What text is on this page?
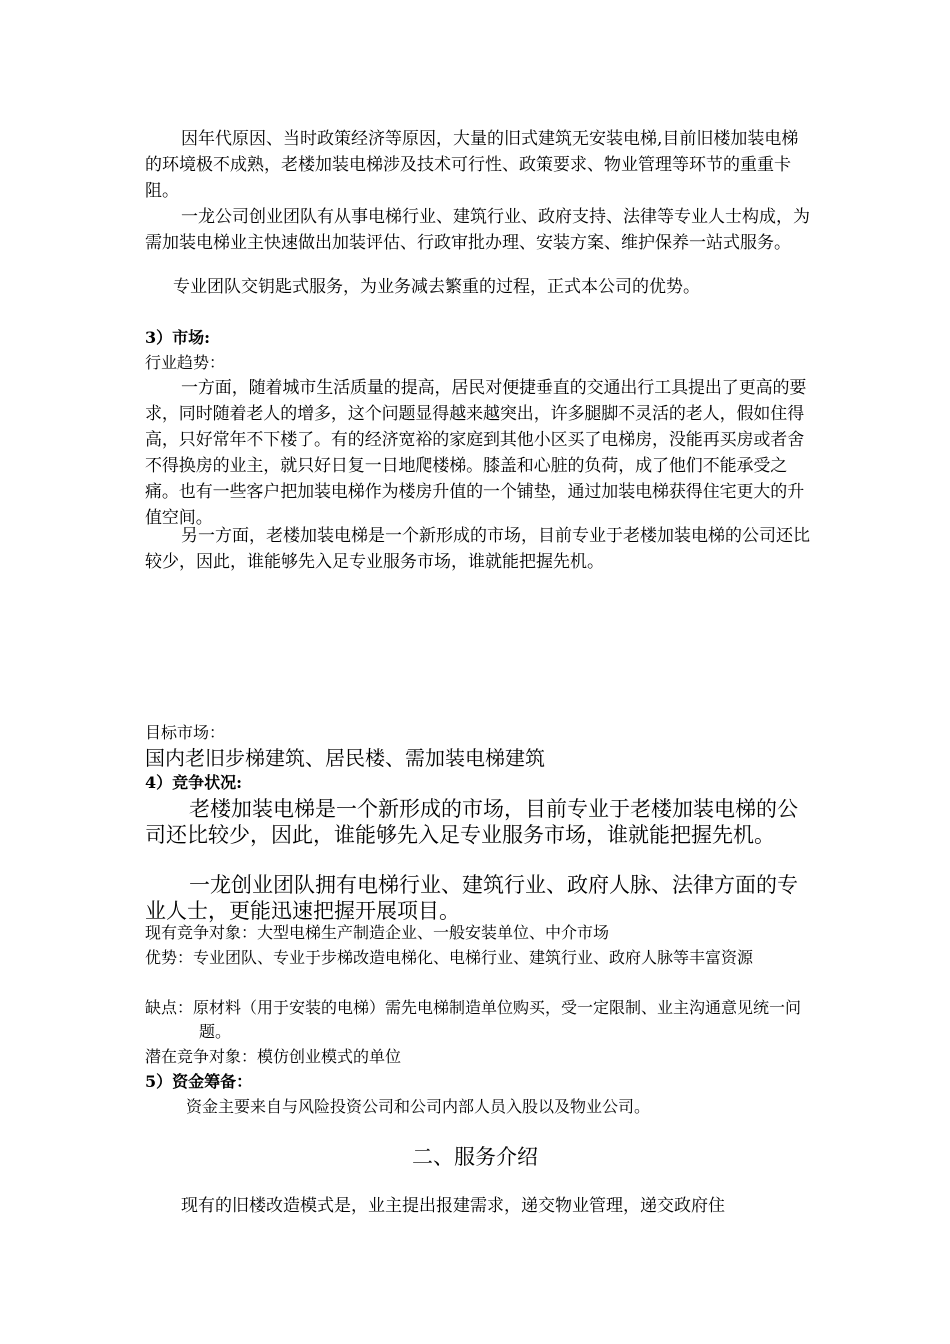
因年代原因、当时政策经济等原因，大量的旧式建筑无安装电梯,目前旧楼加装电梯的环境极不成熟，老楼加装电梯涉及技术可行性、政策要求、物业管理等环节的重重卡阻。

一龙公司创业团队有从事电梯行业、建筑行业、政府支持、法律等专业人士构成，为需加装电梯业主快速做出加装评估、行政审批办理、安装方案、维护保养一站式服务。

专业团队交钥匙式服务，为业务减去繁重的过程，正式本公司的优势。

3）市场:

行业趋势：

一方面，随着城市生活质量的提高，居民对便捷垂直的交通出行工具提出了更高的要求，同时随着老人的增多，这个问题显得越来越突出，许多腿脚不灵活的老人，假如住得高，只好常年不下楼了。有的经济宽裕的家庭到其他小区买了电梯房，没能再买房或者舍不得换房的业主，就只好日复一日地爬楼梯。膝盖和心脏的负荷，成了他们不能承受之痛。也有一些客户把加装电梯作为楼房升值的一个铺垫，通过加装电梯获得住宅更大的升值空间。

另一方面，老楼加装电梯是一个新形成的市场，目前专业于老楼加装电梯的公司还比较少，因此，谁能够先入足专业服务市场，谁就能把握先机。

目标市场：

国内老旧步梯建筑、居民楼、需加装电梯建筑

4）竞争状况:

老楼加装电梯是一个新形成的市场，目前专业于老楼加装电梯的公司还比较少，因此，谁能够先入足专业服务市场，谁就能把握先机。

一龙创业团队拥有电梯行业、建筑行业、政府人脉、法律方面的专业人士，更能迅速把握开展项目。

现有竞争对象：大型电梯生产制造企业、一般安装单位、中介市场

优势：专业团队、专业于步梯改造电梯化、电梯行业、建筑行业、政府人脉等丰富资源

缺点：原材料（用于安装的电梯）需先电梯制造单位购买，受一定限制、业主沟通意见统一问题。

潜在竞争对象：模仿创业模式的单位

5）资金筹备：

资金主要来自与风险投资公司和公司内部人员入股以及物业公司。

二、服务介绍

现有的旧楼改造模式是，业主提出报建需求，递交物业管理，递交政府住
